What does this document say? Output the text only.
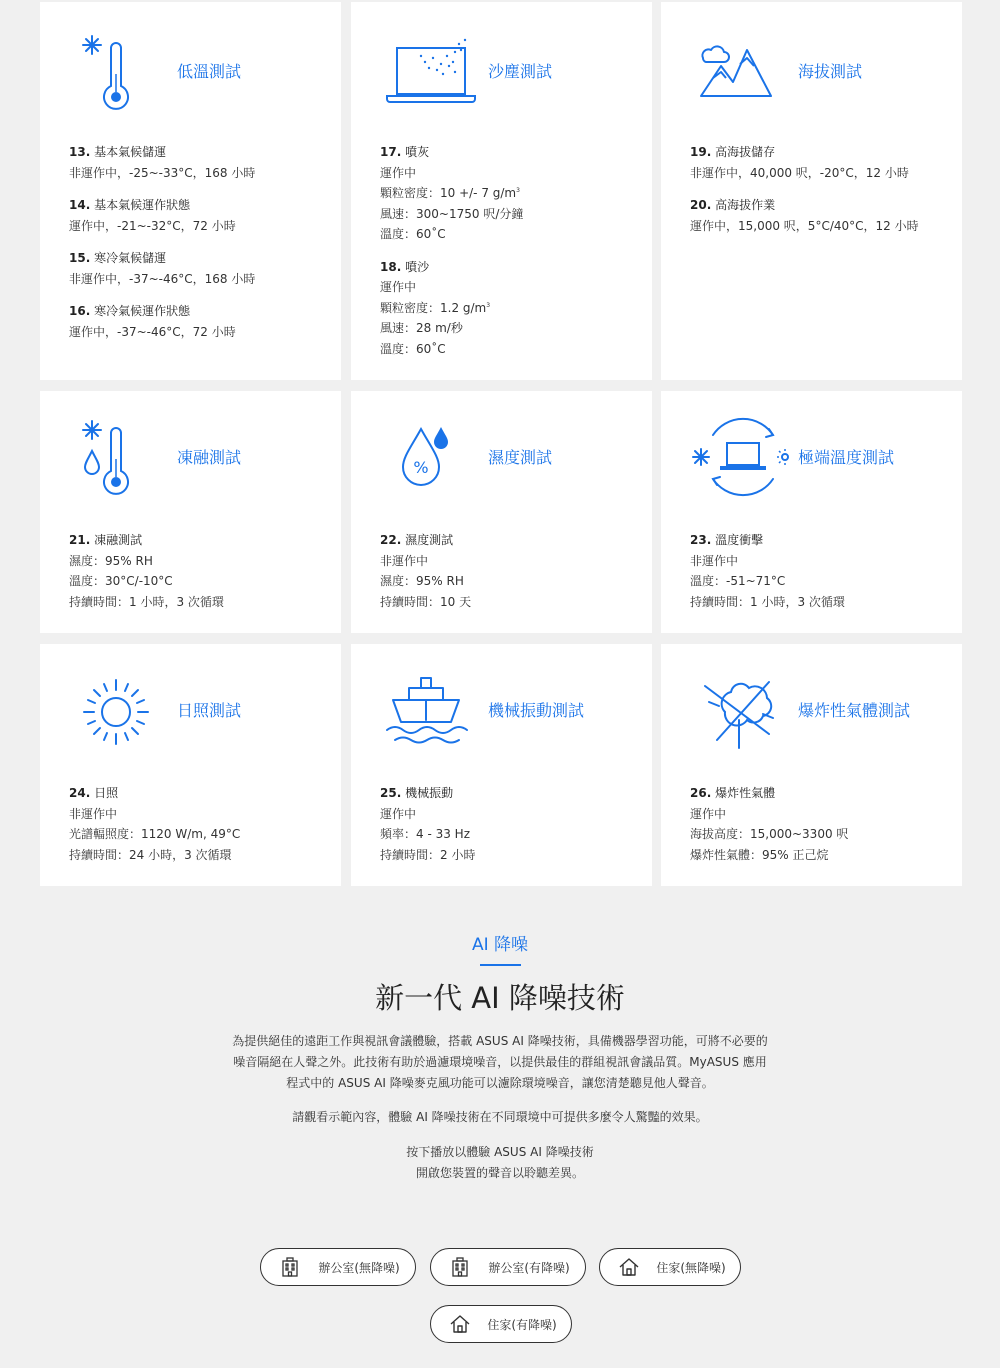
低溫測試
13. 基本氣候儲運
非運作中，-25~-33°C，168 小時
14. 基本氣候運作狀態
運作中，-21~-32°C，72 小時
15. 寒冷氣候儲運
非運作中，-37~-46°C，168 小時
16. 寒冷氣候運作狀態
運作中，-37~-46°C，72 小時
沙塵測試
17. 噴灰
運作中
顆粒密度：10 +/- 7 $g/m^3$
風速：300~1750 呎/分鐘
溫度：60˚C
18. 噴沙
運作中
顆粒密度：1.2 $g/m^3$
風速：28 m/秒
溫度：60˚C
海拔測試
19. 高海拔儲存
非運作中，40,000 呎，-20°C，12 小時
20. 高海拔作業
運作中，15,000 呎，5°C/40°C，12 小時
凍融測試
21. 凍融測試
濕度：95% RH
溫度：30°C/-10°C
持續時間：1 小時，3 次循環
%
濕度測試
22. 濕度測試
非運作中
濕度：95% RH
持續時間：10 天
極端溫度測試
23. 溫度衝擊
非運作中
溫度：-51~71°C
持續時間：1 小時，3 次循環
日照測試
24. 日照
非運作中
光譜輻照度：1120 W/m, 49°C
持續時間：24 小時，3 次循環
機械振動測試
25. 機械振動
運作中
頻率：4 - 33 Hz
持續時間：2 小時
爆炸性氣體測試
26. 爆炸性氣體
運作中
海拔高度：15,000~3300 呎
爆炸性氣體：95% 正己烷
AI 降噪
新一代 AI 降噪技術
為提供絕佳的遠距工作與視訊會議體驗，搭載 ASUS AI 降噪技術，具備機器學習功能，可將不必要的
噪音隔絕在人聲之外。此技術有助於過濾環境噪音，以提供最佳的群組視訊會議品質。MyASUS 應用
程式中的 ASUS AI 降噪麥克風功能可以濾除環境噪音，讓您清楚聽見他人聲音。
請觀看示範內容，體驗 AI 降噪技術在不同環境中可提供多麼令人驚豔的效果。
按下播放以體驗 ASUS AI 降噪技術
開啟您裝置的聲音以聆聽差異。
辦公室(無降噪)	辦公室(有降噪)	住家(無降噪)
住家(有降噪)
